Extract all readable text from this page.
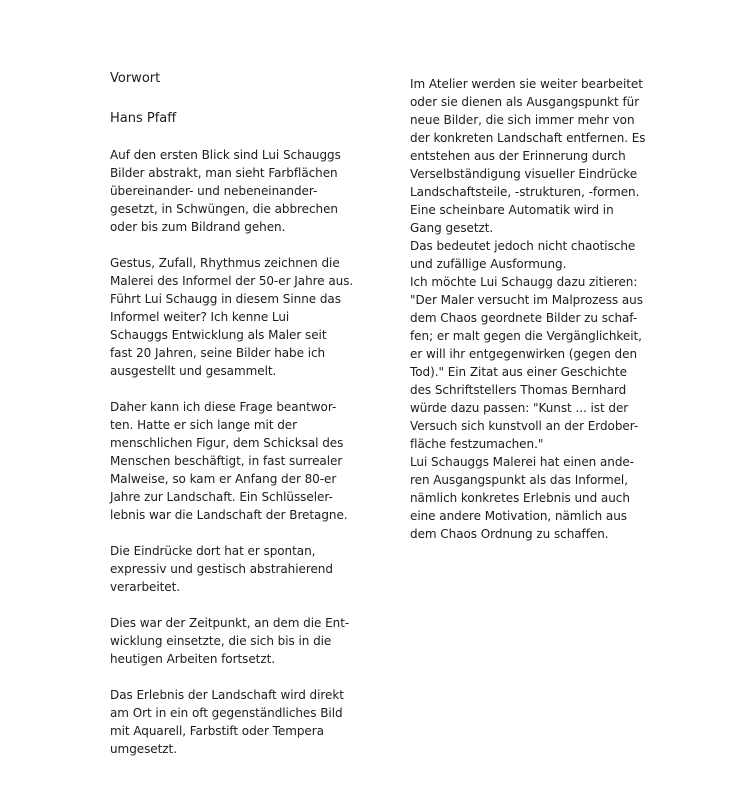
Vorwort
Hans Pfaff

Auf den ersten Blick sind Lui Schauggs
Bilder abstrakt, man sieht Farbflächen
übereinander- und nebeneinander-
gesetzt, in Schwüngen, die abbrechen
oder bis zum Bildrand gehen.

Gestus, Zufall, Rhythmus zeichnen die
Malerei des Informel der 50-er Jahre aus.
Führt Lui Schaugg in diesem Sinne das
Informel weiter? Ich kenne Lui
Schauggs Entwicklung als Maler seit
fast 20 Jahren, seine Bilder habe ich
ausgestellt und gesammelt.

Daher kann ich diese Frage beantwor-
ten. Hatte er sich lange mit der
menschlichen Figur, dem Schicksal des
Menschen beschäftigt, in fast surrealer
Malweise, so kam er Anfang der 80-er
Jahre zur Landschaft. Ein Schlüsseler-
lebnis war die Landschaft der Bretagne.

Die Eindrücke dort hat er spontan,
expressiv und gestisch abstrahierend
verarbeitet.

Dies war der Zeitpunkt, an dem die Ent-
wicklung einsetzte, die sich bis in die
heutigen Arbeiten fortsetzt.

Das Erlebnis der Landschaft wird direkt
am Ort in ein oft gegenständliches Bild
mit Aquarell, Farbstift oder Tempera
umgesetzt.

Im Atelier werden sie weiter bearbeitet
oder sie dienen als Ausgangspunkt für
neue Bilder, die sich immer mehr von
der konkreten Landschaft entfernen. Es
entstehen aus der Erinnerung durch
Verselbständigung visueller Eindrücke
Landschaftsteile, -strukturen, -formen.
Eine scheinbare Automatik wird in
Gang gesetzt.
Das bedeutet jedoch nicht chaotische
und zufällige Ausformung.
Ich möchte Lui Schaugg dazu zitieren:
"Der Maler versucht im Malprozess aus
dem Chaos geordnete Bilder zu schaf-
fen; er malt gegen die Vergänglichkeit,
er will ihr entgegenwirken (gegen den
Tod)." Ein Zitat aus einer Geschichte
des Schriftstellers Thomas Bernhard
würde dazu passen: "Kunst ... ist der
Versuch sich kunstvoll an der Erdober-
fläche festzumachen."
Lui Schauggs Malerei hat einen ande-
ren Ausgangspunkt als das Informel,
nämlich konkretes Erlebnis und auch
eine andere Motivation, nämlich aus
dem Chaos Ordnung zu schaffen.
